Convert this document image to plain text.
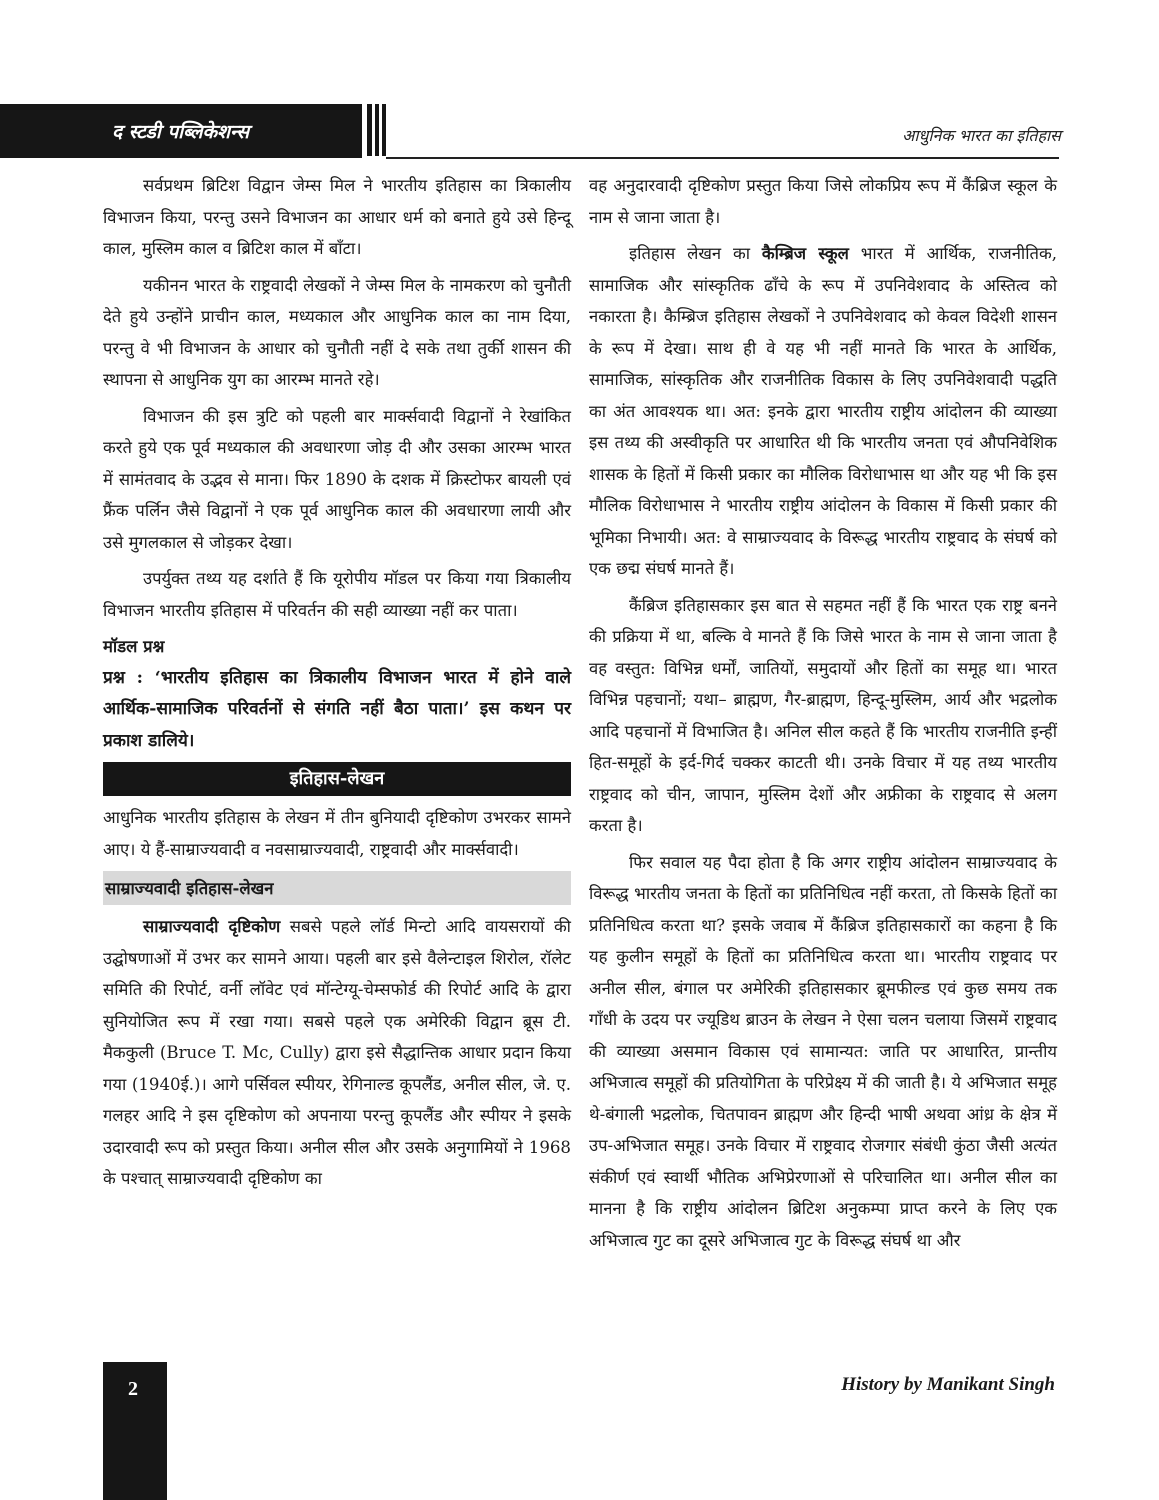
द स्टडी पब्लिकेशन्स	आधुनिक भारत का इतिहास

सर्वप्रथम ब्रिटिश विद्वान जेम्स मिल ने भारतीय इतिहास का त्रिकालीय विभाजन किया, परन्तु उसने विभाजन का आधार धर्म को बनाते हुये उसे हिन्दू काल, मुस्लिम काल व ब्रिटिश काल में बाँटा।

यकीनन भारत के राष्ट्रवादी लेखकों ने जेम्स मिल के नामकरण को चुनौती देते हुये उन्होंने प्राचीन काल, मध्यकाल और आधुनिक काल का नाम दिया, परन्तु वे भी विभाजन के आधार को चुनौती नहीं दे सके तथा तुर्की शासन की स्थापना से आधुनिक युग का आरम्भ मानते रहे।

विभाजन की इस त्रुटि को पहली बार मार्क्सवादी विद्वानों ने रेखांकित करते हुये एक पूर्व मध्यकाल की अवधारणा जोड़ दी और उसका आरम्भ भारत में सामंतवाद के उद्भव से माना। फिर 1890 के दशक में क्रिस्टोफर बायली एवं फ्रैंक पर्लिन जैसे विद्वानों ने एक पूर्व आधुनिक काल की अवधारणा लायी और उसे मुगलकाल से जोड़कर देखा।

उपर्युक्त तथ्य यह दर्शाते हैं कि यूरोपीय मॉडल पर किया गया त्रिकालीय विभाजन भारतीय इतिहास में परिवर्तन की सही व्याख्या नहीं कर पाता।

मॉडल प्रश्न

प्रश्न : ‘भारतीय इतिहास का त्रिकालीय विभाजन भारत में होने वाले आर्थिक-सामाजिक परिवर्तनों से संगति नहीं बैठा पाता।’ इस कथन पर प्रकाश डालिये।

इतिहास-लेखन

आधुनिक भारतीय इतिहास के लेखन में तीन बुनियादी दृष्टिकोण उभरकर सामने आए। ये हैं-साम्राज्यवादी व नवसाम्राज्यवादी, राष्ट्रवादी और मार्क्सवादी।

साम्राज्यवादी इतिहास-लेखन

साम्राज्यवादी दृष्टिकोण सबसे पहले लॉर्ड मिन्टो आदि वायसरायों की उद्घोषणाओं में उभर कर सामने आया। पहली बार इसे वैलेन्टाइल शिरोल, रॉलेट समिति की रिपोर्ट, वर्नी लॉवेट एवं मॉन्टेग्यू-चेम्सफोर्ड की रिपोर्ट आदि के द्वारा सुनियोजित रूप में रखा गया। सबसे पहले एक अमेरिकी विद्वान ब्रूस टी. मैककुली (Bruce T. Mc, Cully) द्वारा इसे सैद्धान्तिक आधार प्रदान किया गया (1940ई.)। आगे पर्सिवल स्पीयर, रेगिनाल्ड कूपलैंड, अनील सील, जे. ए. गलहर आदि ने इस दृष्टिकोण को अपनाया परन्तु कूपलैंड और स्पीयर ने इसके उदारवादी रूप को प्रस्तुत किया। अनील सील और उसके अनुगामियों ने 1968 के पश्चात् साम्राज्यवादी दृष्टिकोण का

वह अनुदारवादी दृष्टिकोण प्रस्तुत किया जिसे लोकप्रिय रूप में कैंब्रिज स्कूल के नाम से जाना जाता है।

इतिहास लेखन का कैम्ब्रिज स्कूल भारत में आर्थिक, राजनीतिक, सामाजिक और सांस्कृतिक ढाँचे के रूप में उपनिवेशवाद के अस्तित्व को नकारता है। कैम्ब्रिज इतिहास लेखकों ने उपनिवेशवाद को केवल विदेशी शासन के रूप में देखा। साथ ही वे यह भी नहीं मानते कि भारत के आर्थिक, सामाजिक, सांस्कृतिक और राजनीतिक विकास के लिए उपनिवेशवादी पद्धति का अंत आवश्यक था। अत: इनके द्वारा भारतीय राष्ट्रीय आंदोलन की व्याख्या इस तथ्य की अस्वीकृति पर आधारित थी कि भारतीय जनता एवं औपनिवेशिक शासक के हितों में किसी प्रकार का मौलिक विरोधाभास था और यह भी कि इस मौलिक विरोधाभास ने भारतीय राष्ट्रीय आंदोलन के विकास में किसी प्रकार की भूमिका निभायी। अत: वे साम्राज्यवाद के विरूद्ध भारतीय राष्ट्रवाद के संघर्ष को एक छद्म संघर्ष मानते हैं।

कैंब्रिज इतिहासकार इस बात से सहमत नहीं हैं कि भारत एक राष्ट्र बनने की प्रक्रिया में था, बल्कि वे मानते हैं कि जिसे भारत के नाम से जाना जाता है वह वस्तुत: विभिन्न धर्मों, जातियों, समुदायों और हितों का समूह था। भारत विभिन्न पहचानों; यथा– ब्राह्मण, गैर-ब्राह्मण, हिन्दू-मुस्लिम, आर्य और भद्रलोक आदि पहचानों में विभाजित है। अनिल सील कहते हैं कि भारतीय राजनीति इन्हीं हित-समूहों के इर्द-गिर्द चक्कर काटती थी। उनके विचार में यह तथ्य भारतीय राष्ट्रवाद को चीन, जापान, मुस्लिम देशों और अफ्रीका के राष्ट्रवाद से अलग करता है।

फिर सवाल यह पैदा होता है कि अगर राष्ट्रीय आंदोलन साम्राज्यवाद के विरूद्ध भारतीय जनता के हितों का प्रतिनिधित्व नहीं करता, तो किसके हितों का प्रतिनिधित्व करता था? इसके जवाब में कैंब्रिज इतिहासकारों का कहना है कि यह कुलीन समूहों के हितों का प्रतिनिधित्व करता था। भारतीय राष्ट्रवाद पर अनील सील, बंगाल पर अमेरिकी इतिहासकार ब्रूमफील्ड एवं कुछ समय तक गाँधी के उदय पर ज्यूडिथ ब्राउन के लेखन ने ऐसा चलन चलाया जिसमें राष्ट्रवाद की व्याख्या असमान विकास एवं सामान्यत: जाति पर आधारित, प्रान्तीय अभिजात्व समूहों की प्रतियोगिता के परिप्रेक्ष्य में की जाती है। ये अभिजात समूह थे-बंगाली भद्रलोक, चितपावन ब्राह्मण और हिन्दी भाषी अथवा आंध्र के क्षेत्र में उप-अभिजात समूह। उनके विचार में राष्ट्रवाद रोजगार संबंधी कुंठा जैसी अत्यंत संकीर्ण एवं स्वार्थी भौतिक अभिप्रेरणाओं से परिचालित था। अनील सील का मानना है कि राष्ट्रीय आंदोलन ब्रिटिश अनुकम्पा प्राप्त करने के लिए एक अभिजात्व गुट का दूसरे अभिजात्व गुट के विरूद्ध संघर्ष था और

2	History by Manikant Singh
